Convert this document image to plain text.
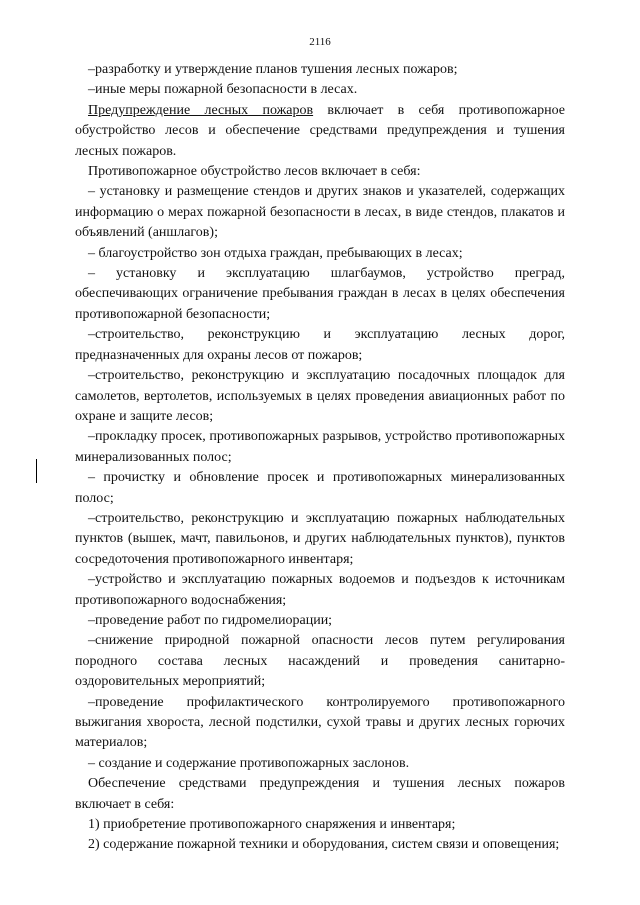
2116

–разработку и утверждение планов тушения лесных пожаров;

–иные меры пожарной безопасности в лесах.

Предупреждение лесных пожаров включает в себя противопожарное обустройство лесов и обеспечение средствами предупреждения и тушения лесных пожаров.

Противопожарное обустройство лесов включает в себя:

– установку и размещение стендов и других знаков и указателей, содержащих информацию о мерах пожарной безопасности в лесах, в виде стендов, плакатов и объявлений (аншлагов);

– благоустройство зон отдыха граждан, пребывающих в лесах;

– установку и эксплуатацию шлагбаумов, устройство преград, обеспечивающих ограничение пребывания граждан в лесах в целях обеспечения противопожарной безопасности;

–строительство, реконструкцию и эксплуатацию лесных дорог, предназначенных для охраны лесов от пожаров;

–строительство, реконструкцию и эксплуатацию посадочных площадок для самолетов, вертолетов, используемых в целях проведения авиационных работ по охране и защите лесов;

–прокладку просек, противопожарных разрывов, устройство противопожарных минерализованных полос;

– прочистку и обновление просек и противопожарных минерализованных полос;

–строительство, реконструкцию и эксплуатацию пожарных наблюдательных пунктов (вышек, мачт, павильонов, и других наблюдательных пунктов), пунктов сосредоточения противопожарного инвентаря;

–устройство и эксплуатацию пожарных водоемов и подъездов к источникам противопожарного водоснабжения;

–проведение работ по гидромелиорации;

–снижение природной пожарной опасности лесов путем регулирования породного состава лесных насаждений и проведения санитарно-оздоровительных мероприятий;

–проведение профилактического контролируемого противопожарного выжигания хвороста, лесной подстилки, сухой травы и других лесных горючих материалов;

– создание и содержание противопожарных заслонов.

Обеспечение средствами предупреждения и тушения лесных пожаров включает в себя:

1) приобретение противопожарного снаряжения и инвентаря;

2) содержание пожарной техники и оборудования, систем связи и оповещения;
